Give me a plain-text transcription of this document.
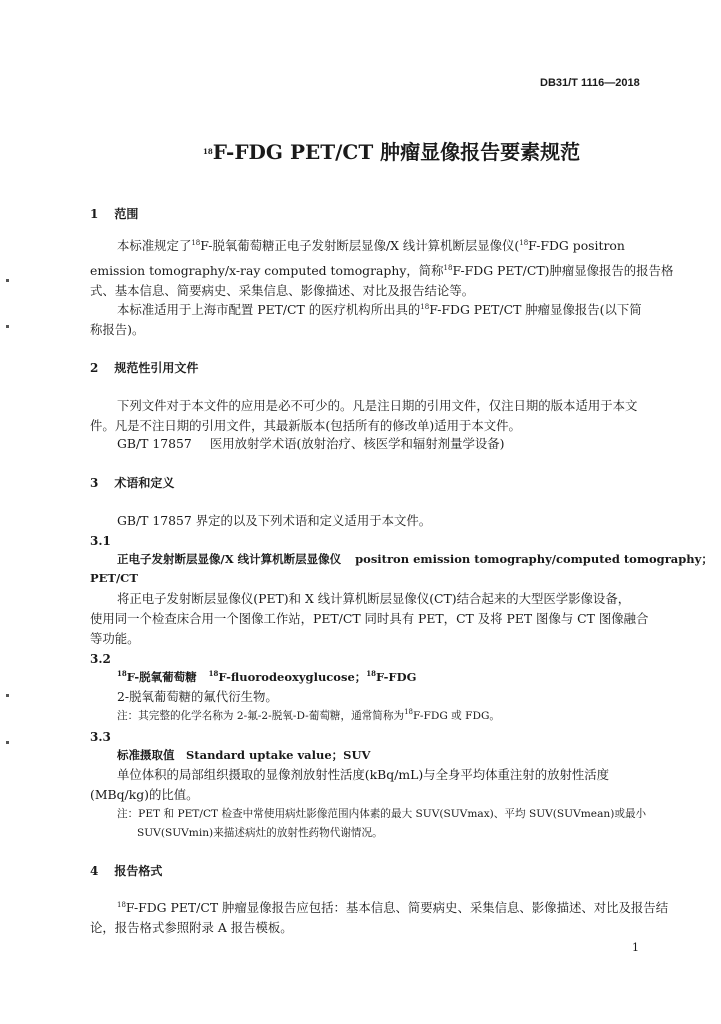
DB31/T 1116—2018
$^{18}$F-FDG PET/CT 肿瘤显像报告要素规范
1 范围
本标准规定了$^{18}$F-脱氧葡萄糖正电子发射断层显像/X 线计算机断层显像仪($^{18}$F-FDG positron
emission tomography/x-ray computed tomography，简称$^{18}$F-FDG PET/CT)肿瘤显像报告的报告格
式、基本信息、简要病史、采集信息、影像描述、对比及报告结论等。
本标准适用于上海市配置 PET/CT 的医疗机构所出具的$^{18}$F-FDG PET/CT 肿瘤显像报告(以下简
称报告)。
2 规范性引用文件
下列文件对于本文件的应用是必不可少的。凡是注日期的引用文件，仅注日期的版本适用于本文
件。凡是不注日期的引用文件，其最新版本(包括所有的修改单)适用于本文件。
GB/T 17857 医用放射学术语(放射治疗、核医学和辐射剂量学设备)
3 术语和定义
GB/T 17857 界定的以及下列术语和定义适用于本文件。
3.1
正电子发射断层显像/X 线计算机断层显像仪 positron emission tomography/computed tomography；
PET/CT
将正电子发射断层显像仪(PET)和 X 线计算机断层显像仪(CT)结合起来的大型医学影像设备，
使用同一个检查床合用一个图像工作站，PET/CT 同时具有 PET，CT 及将 PET 图像与 CT 图像融合
等功能。
3.2
$^{18}$F-脱氧葡萄糖 $^{18}$F-fluorodeoxyglucose；$^{18}$F-FDG
2-脱氧葡萄糖的氟代衍生物。
注：其完整的化学名称为 2-氟-2-脱氧-D-葡萄糖，通常简称为$^{18}$F-FDG 或 FDG。
3.3
标准摄取值　Standard uptake value；SUV
单位体积的局部组织摄取的显像剂放射性活度(kBq/mL)与全身平均体重注射的放射性活度
(MBq/kg)的比值。
注：PET 和 PET/CT 检查中常使用病灶影像范围内体素的最大 SUV(SUVmax)、平均 SUV(SUVmean)或最小
SUV(SUVmin)来描述病灶的放射性药物代谢情况。
4 报告格式
$^{18}$F-FDG PET/CT 肿瘤显像报告应包括：基本信息、简要病史、采集信息、影像描述、对比及报告结
论，报告格式参照附录 A 报告模板。
1
